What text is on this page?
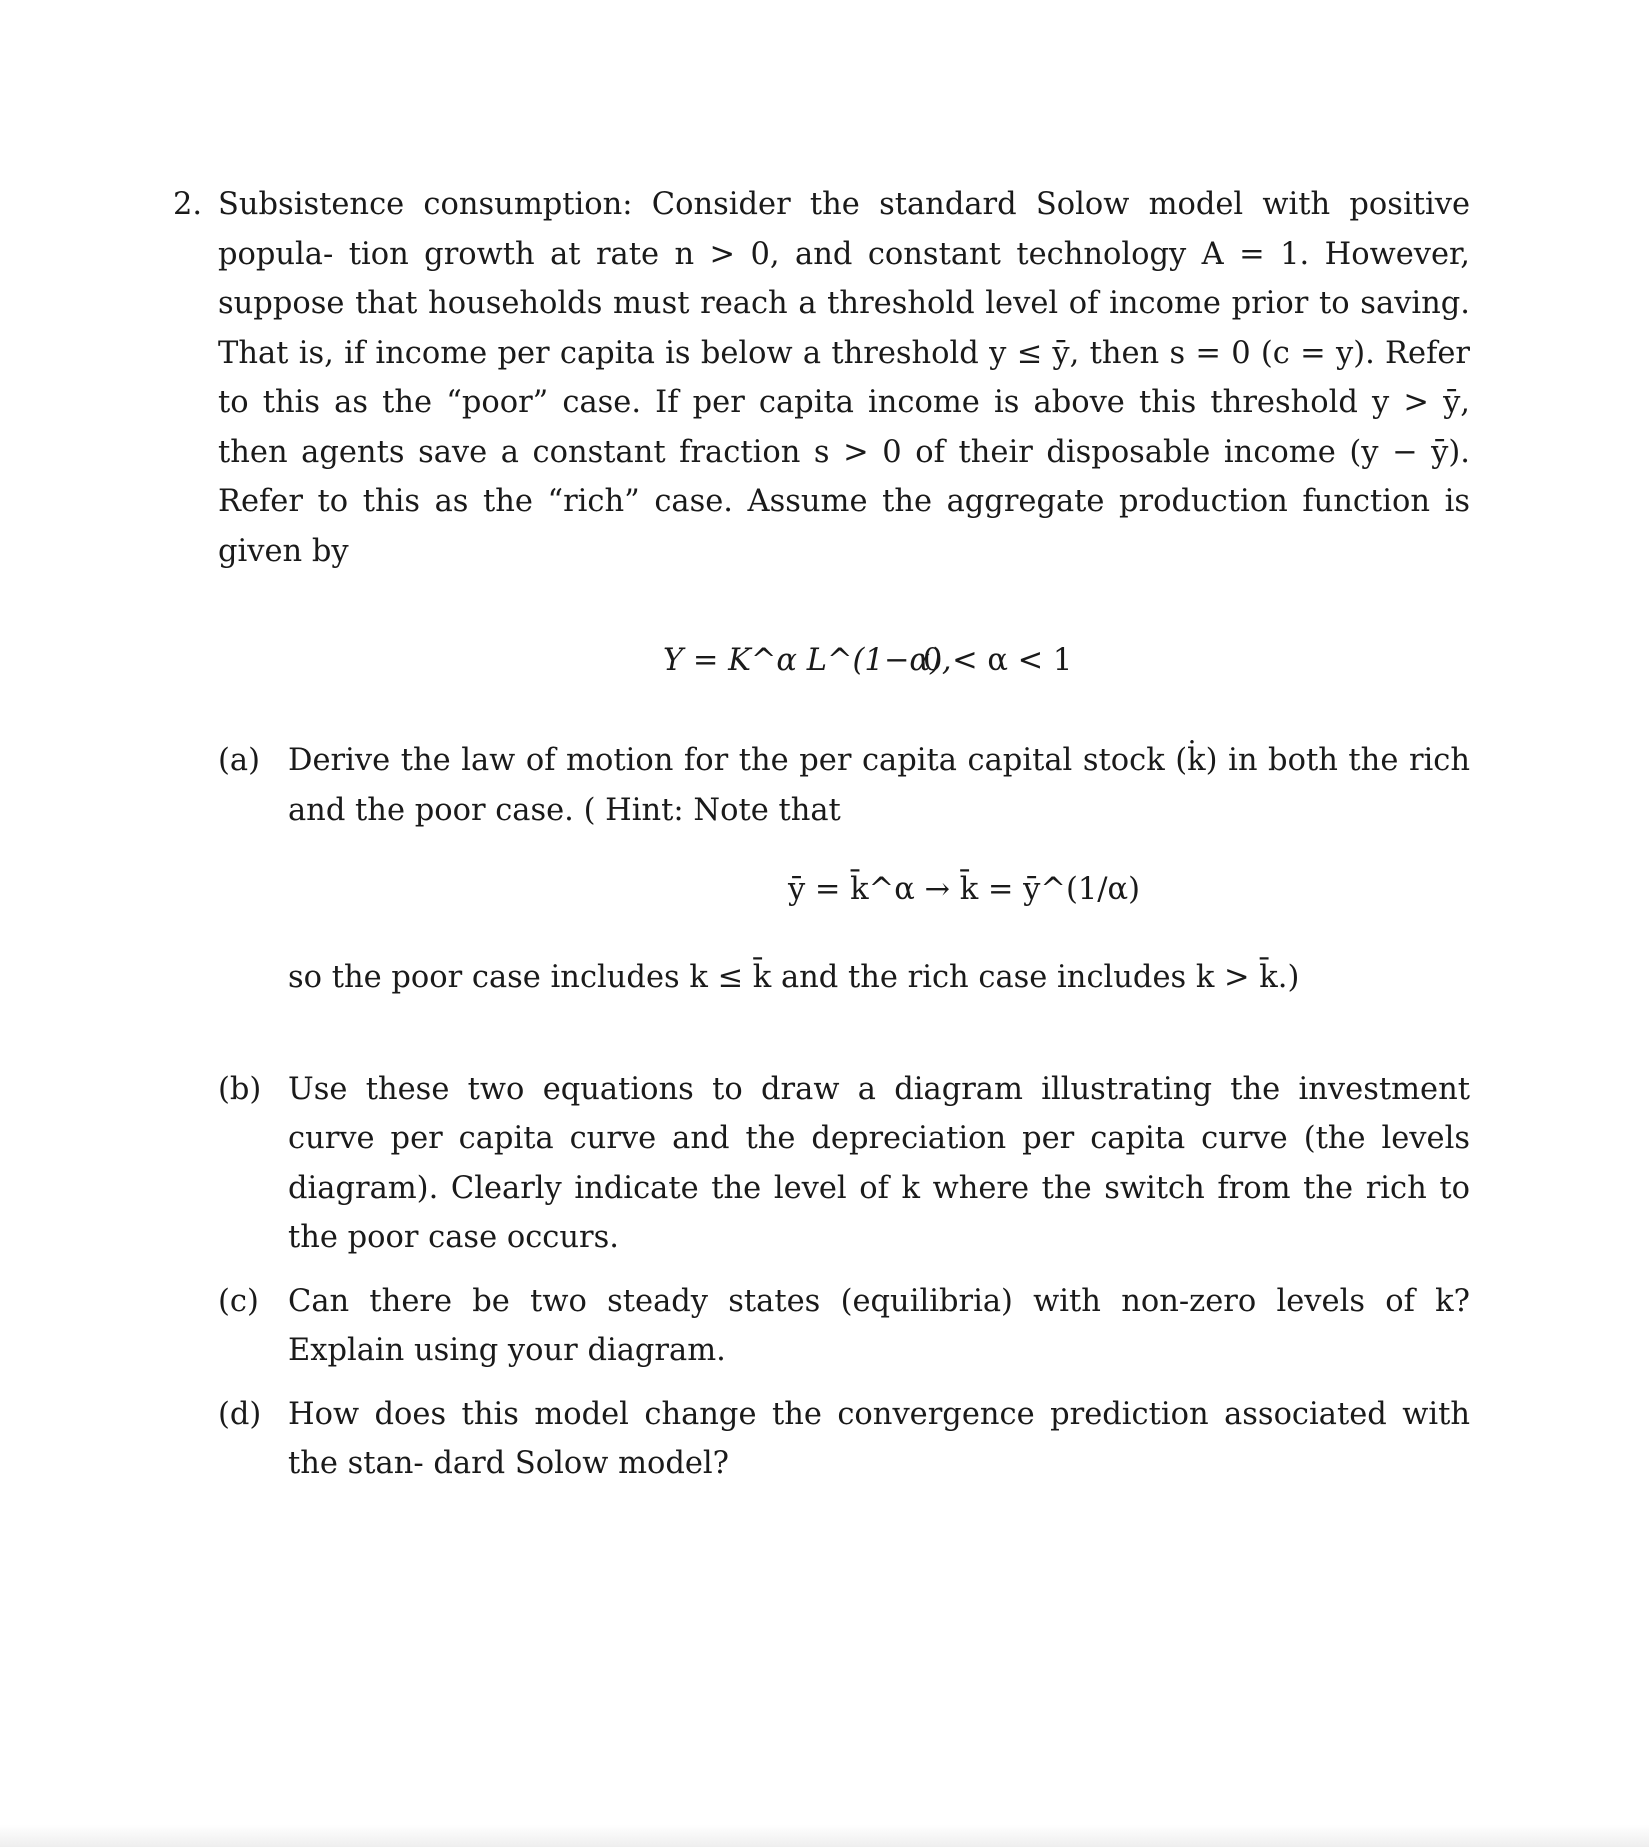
2. Subsistence consumption: Consider the standard Solow model with positive popula- tion growth at rate n > 0, and constant technology A = 1. However, suppose that households must reach a threshold level of income prior to saving. That is, if income per capita is below a threshold y ≤ ȳ, then s = 0 (c = y). Refer to this as the “poor” case. If per capita income is above this threshold y > ȳ, then agents save a constant fraction s > 0 of their disposable income (y − ȳ). Refer to this as the “rich” case. Assume the aggregate production function is given by

Y = K^α L^(1−α),
0 < α < 1
(a) Derive the law of motion for the per capita capital stock (k̇) in both the rich and the poor case. ( Hint: Note that

ȳ = k̄^α → k̄ = ȳ^(1/α)

so the poor case includes k ≤ k̄ and the rich case includes k > k̄.)

(b) Use these two equations to draw a diagram illustrating the investment curve per capita curve and the depreciation per capita curve (the levels diagram). Clearly indicate the level of k where the switch from the rich to the poor case occurs.

(c) Can there be two steady states (equilibria) with non-zero levels of k? Explain using your diagram.

(d) How does this model change the convergence prediction associated with the stan- dard Solow model?
